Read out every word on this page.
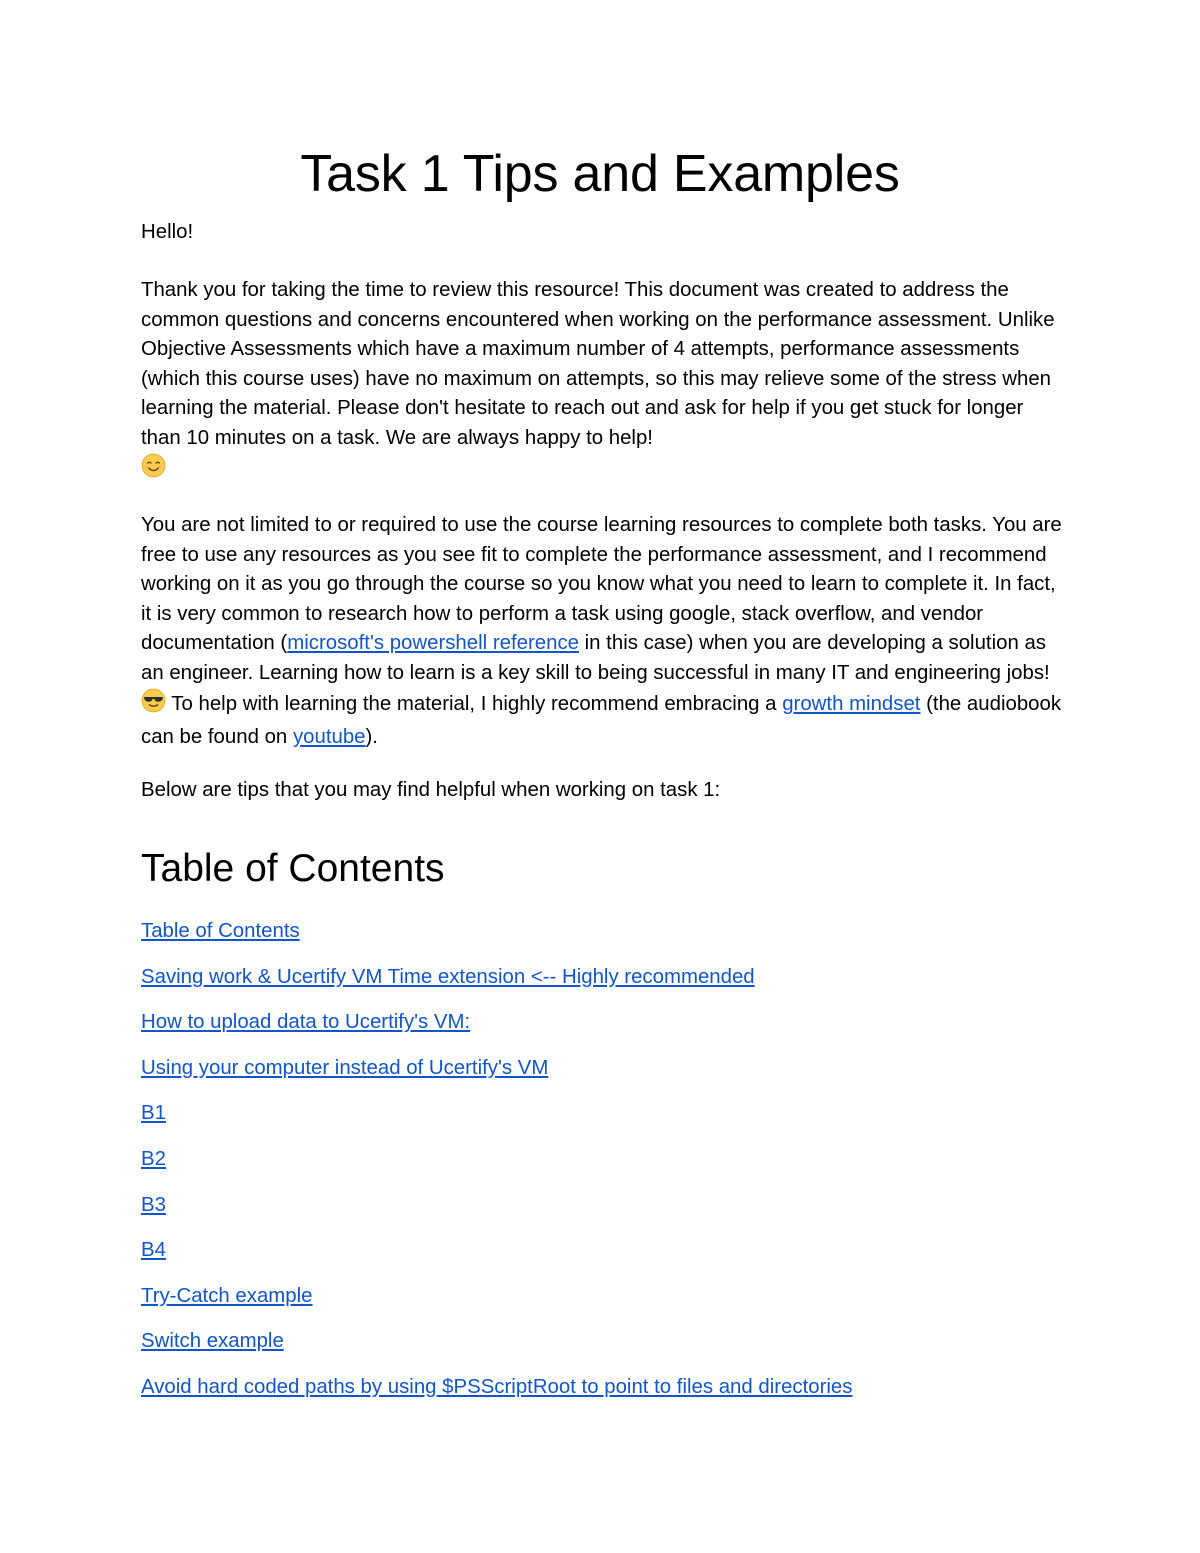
Task 1 Tips and Examples

Hello!

Thank you for taking the time to review this resource! This document was created to address the common questions and concerns encountered when working on the performance assessment. Unlike Objective Assessments which have a maximum number of 4 attempts, performance assessments (which this course uses) have no maximum on attempts, so this may relieve some of the stress when learning the material. Please don't hesitate to reach out and ask for help if you get stuck for longer than 10 minutes on a task. We are always happy to help!

You are not limited to or required to use the course learning resources to complete both tasks. You are free to use any resources as you see fit to complete the performance assessment, and I recommend working on it as you go through the course so you know what you need to learn to complete it. In fact, it is very common to research how to perform a task using google, stack overflow, and vendor documentation (microsoft's powershell reference in this case) when you are developing a solution as an engineer. Learning how to learn is a key skill to being successful in many IT and engineering jobs!  To help with learning the material, I highly recommend embracing a growth mindset (the audiobook can be found on youtube).

Below are tips that you may find helpful when working on task 1:

Table of Contents
Table of Contents
Saving work & Ucertify VM Time extension <-- Highly recommended
How to upload data to Ucertify's VM:
Using your computer instead of Ucertify's VM
B1
B2
B3
B4
Try-Catch example
Switch example
Avoid hard coded paths by using $PSScriptRoot to point to files and directories
